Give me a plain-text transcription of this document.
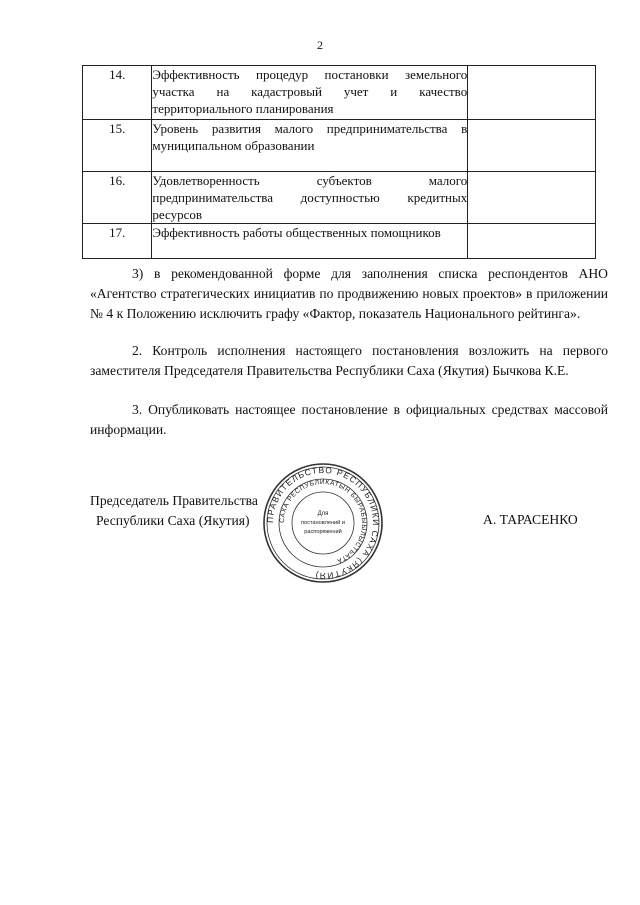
2
14.	Эффективность процедур постановки земельного участка на кадастровый учет и качество территориального планирования	
15.	Уровень развития малого предпринимательства в муниципальном образовании	
16.	Удовлетворенность субъектов малого предпринимательства доступностью кредитных ресурсов	
17.	Эффективность работы общественных помощников	

3) в рекомендованной форме для заполнения списка респондентов АНО «Агентство стратегических инициатив по продвижению новых проектов» в приложении № 4 к Положению исключить графу «Фактор, показатель Национального рейтинга».

2. Контроль исполнения настоящего постановления возложить на первого заместителя Председателя Правительства Республики Саха (Якутия) Бычкова К.Е.

3. Опубликовать настоящее постановление в официальных средствах массовой информации.

Председатель Правительства
Республики Саха (Якутия)	А. ТАРАСЕНКО
ПРАВИТЕЛЬСТВО РЕСПУБЛИКИ САХА (ЯКУТИЯ)
САХА РЕСПУБЛИКАТЫН БЫРАБЫЫЛЫСТЬАТА
Для
постановлений и
распоряжений
